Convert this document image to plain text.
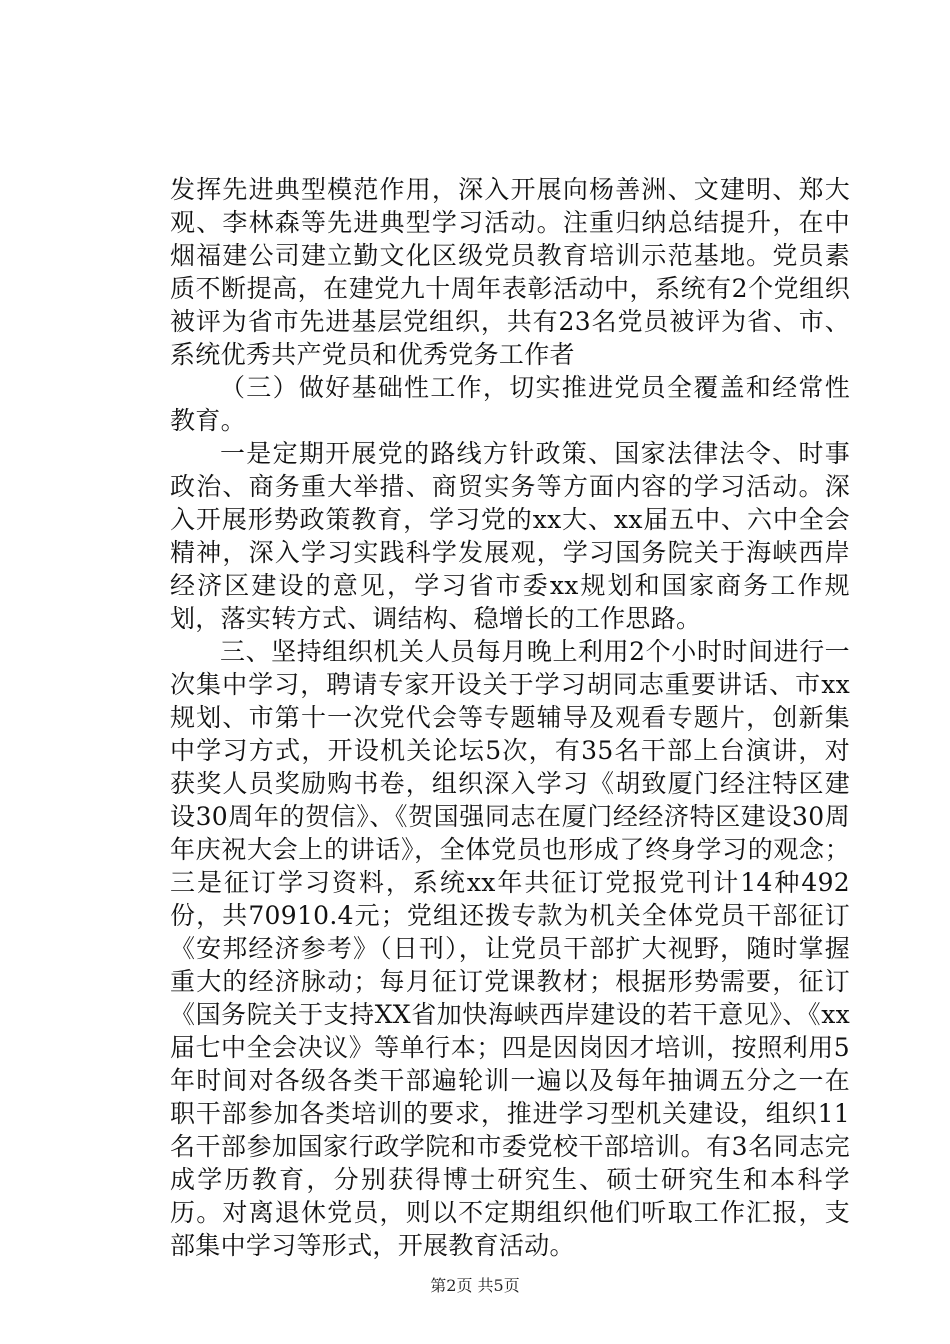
发挥先进典型模范作用，深入开展向杨善洲、文建明、郑大观、李林森等先进典型学习活动。注重归纳总结提升，在中烟福建公司建立勤文化区级党员教育培训示范基地。党员素质不断提高，在建党九十周年表彰活动中，系统有2个党组织被评为省市先进基层党组织，共有23名党员被评为省、市、系统优秀共产党员和优秀党务工作者

（三）做好基础性工作，切实推进党员全覆盖和经常性教育。

一是定期开展党的路线方针政策、国家法律法令、时事政治、商务重大举措、商贸实务等方面内容的学习活动。深入开展形势政策教育，学习党的xx大、xx届五中、六中全会精神，深入学习实践科学发展观，学习国务院关于海峡西岸经济区建设的意见，学习省市委xx规划和国家商务工作规划，落实转方式、调结构、稳增长的工作思路。

三、坚持组织机关人员每月晚上利用2个小时时间进行一次集中学习，聘请专家开设关于学习胡同志重要讲话、市xx规划、市第十一次党代会等专题辅导及观看专题片，创新集中学习方式，开设机关论坛5次，有35名干部上台演讲，对获奖人员奖励购书卷，组织深入学习《胡致厦门经注特区建设30周年的贺信》、《贺国强同志在厦门经经济特区建设30周年庆祝大会上的讲话》，全体党员也形成了终身学习的观念；三是征订学习资料，系统xx年共征订党报党刊计14种492份，共70910.4元；党组还拨专款为机关全体党员干部征订《安邦经济参考》（日刊），让党员干部扩大视野，随时掌握重大的经济脉动；每月征订党课教材；根据形势需要，征订《国务院关于支持XX省加快海峡西岸建设的若干意见》、《xx届七中全会决议》等单行本；四是因岗因才培训，按照利用5年时间对各级各类干部遍轮训一遍以及每年抽调五分之一在职干部参加各类培训的要求，推进学习型机关建设，组织11名干部参加国家行政学院和市委党校干部培训。有3名同志完成学历教育，分别获得博士研究生、硕士研究生和本科学历。对离退休党员，则以不定期组织他们听取工作汇报，支部集中学习等形式，开展教育活动。

第2页 共5页
